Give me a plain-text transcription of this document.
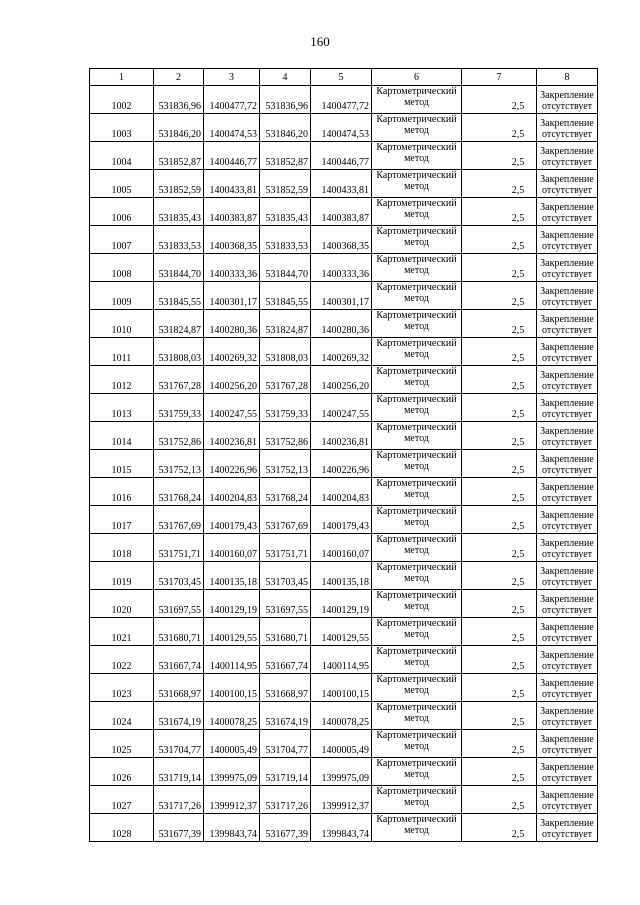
160
1	2	3	4	5	6	7	8
1002	531836,96	1400477,72	531836,96	1400477,72	Картометрический
метод	2,5	Закрепление
отсутствует

1003	531846,20	1400474,53	531846,20	1400474,53	Картометрический
метод	2,5	Закрепление
отсутствует

1004	531852,87	1400446,77	531852,87	1400446,77	Картометрический
метод	2,5	Закрепление
отсутствует

1005	531852,59	1400433,81	531852,59	1400433,81	Картометрический
метод	2,5	Закрепление
отсутствует

1006	531835,43	1400383,87	531835,43	1400383,87	Картометрический
метод	2,5	Закрепление
отсутствует

1007	531833,53	1400368,35	531833,53	1400368,35	Картометрический
метод	2,5	Закрепление
отсутствует

1008	531844,70	1400333,36	531844,70	1400333,36	Картометрический
метод	2,5	Закрепление
отсутствует

1009	531845,55	1400301,17	531845,55	1400301,17	Картометрический
метод	2,5	Закрепление
отсутствует

1010	531824,87	1400280,36	531824,87	1400280,36	Картометрический
метод	2,5	Закрепление
отсутствует

1011	531808,03	1400269,32	531808,03	1400269,32	Картометрический
метод	2,5	Закрепление
отсутствует

1012	531767,28	1400256,20	531767,28	1400256,20	Картометрический
метод	2,5	Закрепление
отсутствует

1013	531759,33	1400247,55	531759,33	1400247,55	Картометрический
метод	2,5	Закрепление
отсутствует

1014	531752,86	1400236,81	531752,86	1400236,81	Картометрический
метод	2,5	Закрепление
отсутствует

1015	531752,13	1400226,96	531752,13	1400226,96	Картометрический
метод	2,5	Закрепление
отсутствует

1016	531768,24	1400204,83	531768,24	1400204,83	Картометрический
метод	2,5	Закрепление
отсутствует

1017	531767,69	1400179,43	531767,69	1400179,43	Картометрический
метод	2,5	Закрепление
отсутствует

1018	531751,71	1400160,07	531751,71	1400160,07	Картометрический
метод	2,5	Закрепление
отсутствует

1019	531703,45	1400135,18	531703,45	1400135,18	Картометрический
метод	2,5	Закрепление
отсутствует

1020	531697,55	1400129,19	531697,55	1400129,19	Картометрический
метод	2,5	Закрепление
отсутствует

1021	531680,71	1400129,55	531680,71	1400129,55	Картометрический
метод	2,5	Закрепление
отсутствует

1022	531667,74	1400114,95	531667,74	1400114,95	Картометрический
метод	2,5	Закрепление
отсутствует

1023	531668,97	1400100,15	531668,97	1400100,15	Картометрический
метод	2,5	Закрепление
отсутствует

1024	531674,19	1400078,25	531674,19	1400078,25	Картометрический
метод	2,5	Закрепление
отсутствует

1025	531704,77	1400005,49	531704,77	1400005,49	Картометрический
метод	2,5	Закрепление
отсутствует

1026	531719,14	1399975,09	531719,14	1399975,09	Картометрический
метод	2,5	Закрепление
отсутствует

1027	531717,26	1399912,37	531717,26	1399912,37	Картометрический
метод	2,5	Закрепление
отсутствует

1028	531677,39	1399843,74	531677,39	1399843,74	Картометрический
метод	2,5	Закрепление
отсутствует
